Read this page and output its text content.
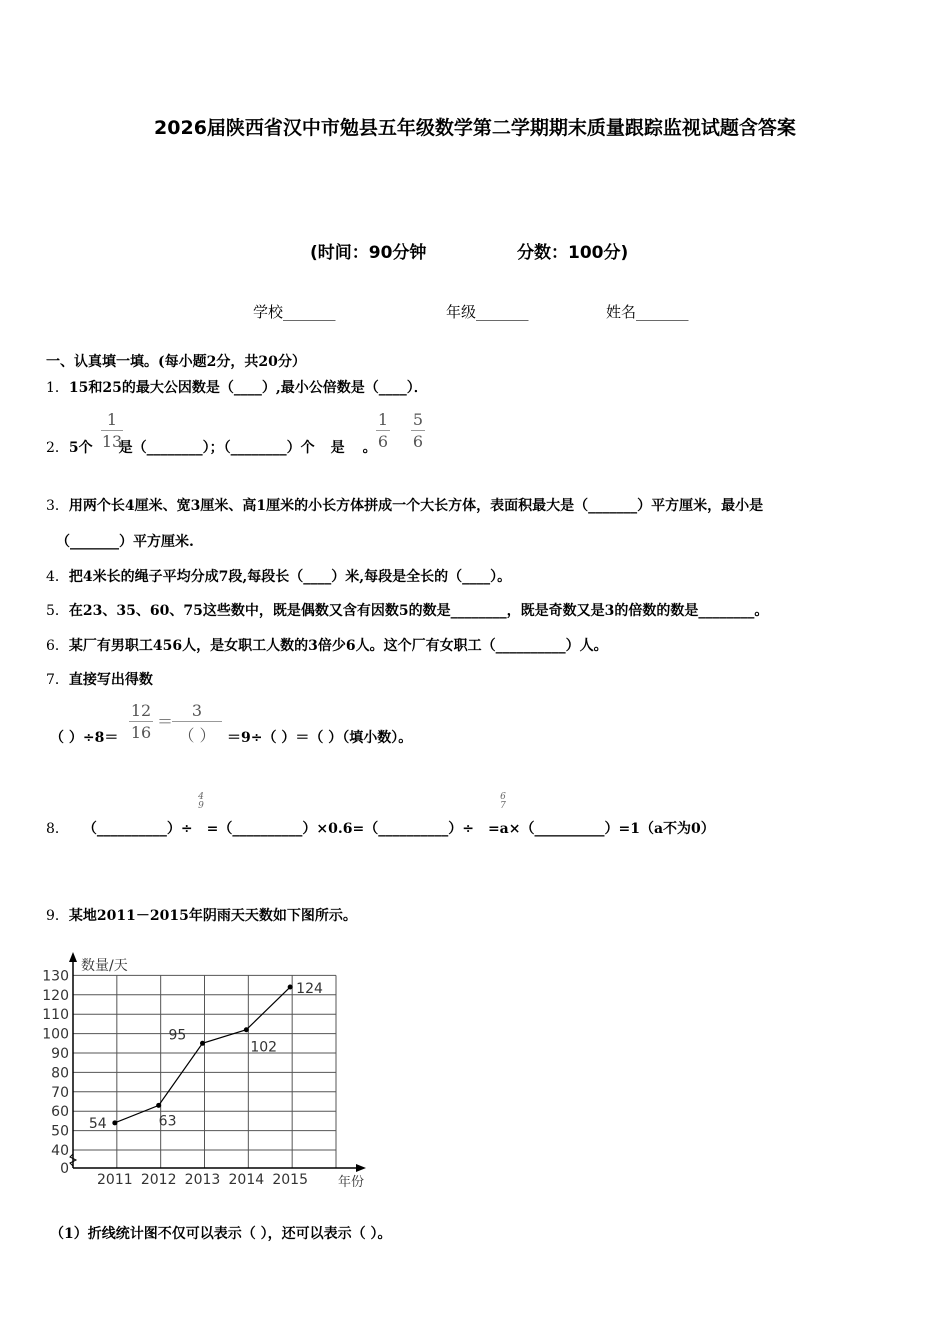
2026届陕西省汉中市勉县五年级数学第二学期期末质量跟踪监视试题含答案
(时间：90分钟	分数：100分)
学校_______	年级_______	姓名_______
一、认真填一填。(每小题2分，共20分）
1．15和25的最大公因数是（____）,最小公倍数是（____）．
2．5个 是（________）；（________）个 是 。
1
13
1
6
5
6
3．用两个长4厘米、宽3厘米、高1厘米的小长方体拼成一个大长方体，表面积最大是（_______）平方厘米，最小是
（_______）平方厘米.
4．把4米长的绳子平均分成7段,每段长（____）米,每段是全长的（____）。
5．在23、35、60、75这些数中，既是偶数又含有因数5的数是________，既是奇数又是3的倍数的数是________。
6．某厂有男职工456人，是女职工人数的3倍少6人。这个厂有女职工（__________）人。
7．直接写出得数
（ ）÷8＝
12
16
＝
3
（ ） ＝9÷（ ）＝（ ）（填小数）。
8． （__________）÷ =（__________）×0.6=（__________）÷ =a×（__________）=1（a不为0）
4
9
6
7
9．某地2011－2015年阴雨天天数如下图所示。
0
40
50
60
70
80
90
100
110
120
130
数量/天
2011 2012 2013 2014 2015 年份
54	63
95
102
124
（1）折线统计图不仅可以表示（ ），还可以表示（ ）。
